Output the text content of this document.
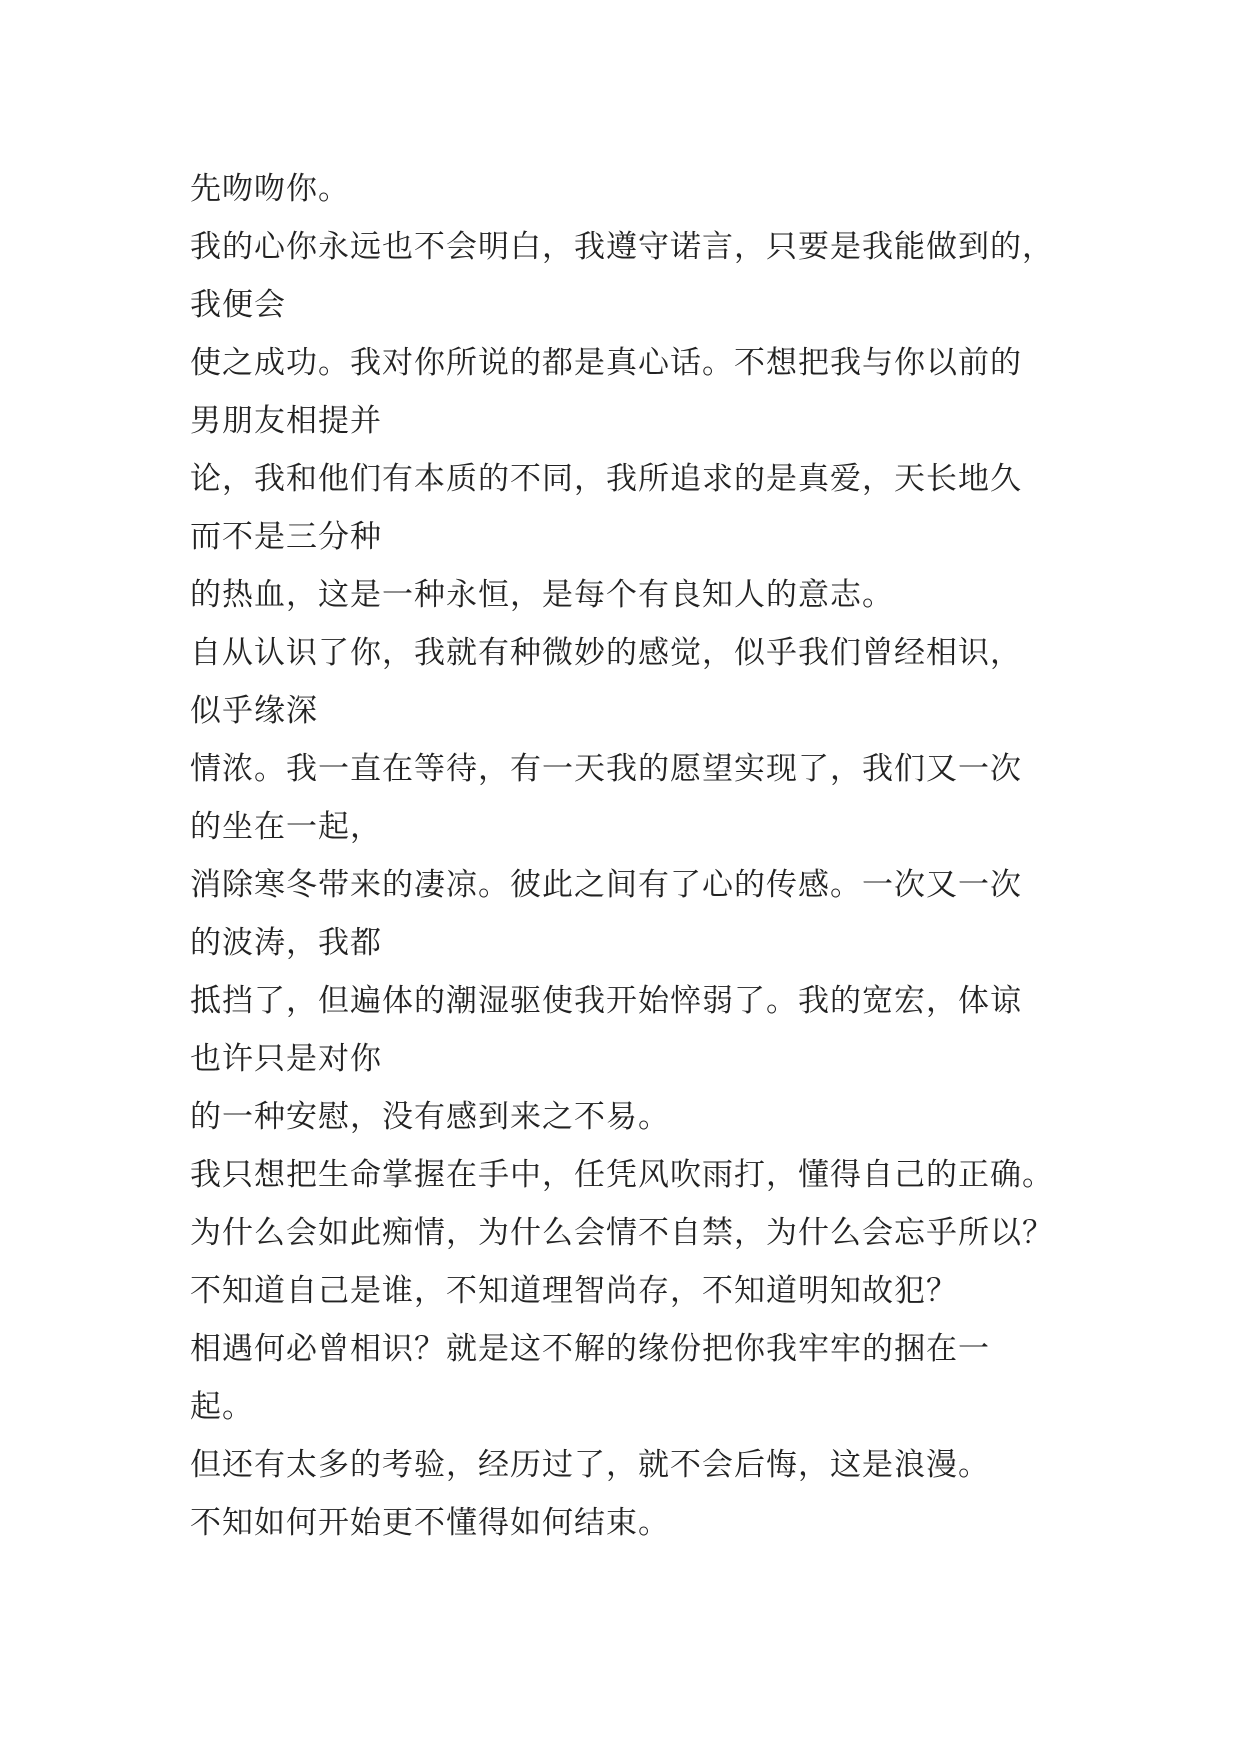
先吻吻你。
我的心你永远也不会明白，我遵守诺言，只要是我能做到的，
我便会
使之成功。我对你所说的都是真心话。不想把我与你以前的
男朋友相提并
论，我和他们有本质的不同，我所追求的是真爱，天长地久
而不是三分种
的热血，这是一种永恒，是每个有良知人的意志。
自从认识了你，我就有种微妙的感觉，似乎我们曾经相识，
似乎缘深
情浓。我一直在等待，有一天我的愿望实现了，我们又一次
的坐在一起，
消除寒冬带来的凄凉。彼此之间有了心的传感。一次又一次
的波涛，我都
抵挡了，但遍体的潮湿驱使我开始悴弱了。我的宽宏，体谅
也许只是对你
的一种安慰，没有感到来之不易。
我只想把生命掌握在手中，任凭风吹雨打，懂得自己的正确。
为什么会如此痴情，为什么会情不自禁，为什么会忘乎所以？
不知道自己是谁，不知道理智尚存，不知道明知故犯？
相遇何必曾相识？就是这不解的缘份把你我牢牢的捆在一
起。
但还有太多的考验，经历过了，就不会后悔，这是浪漫。
不知如何开始更不懂得如何结束。
